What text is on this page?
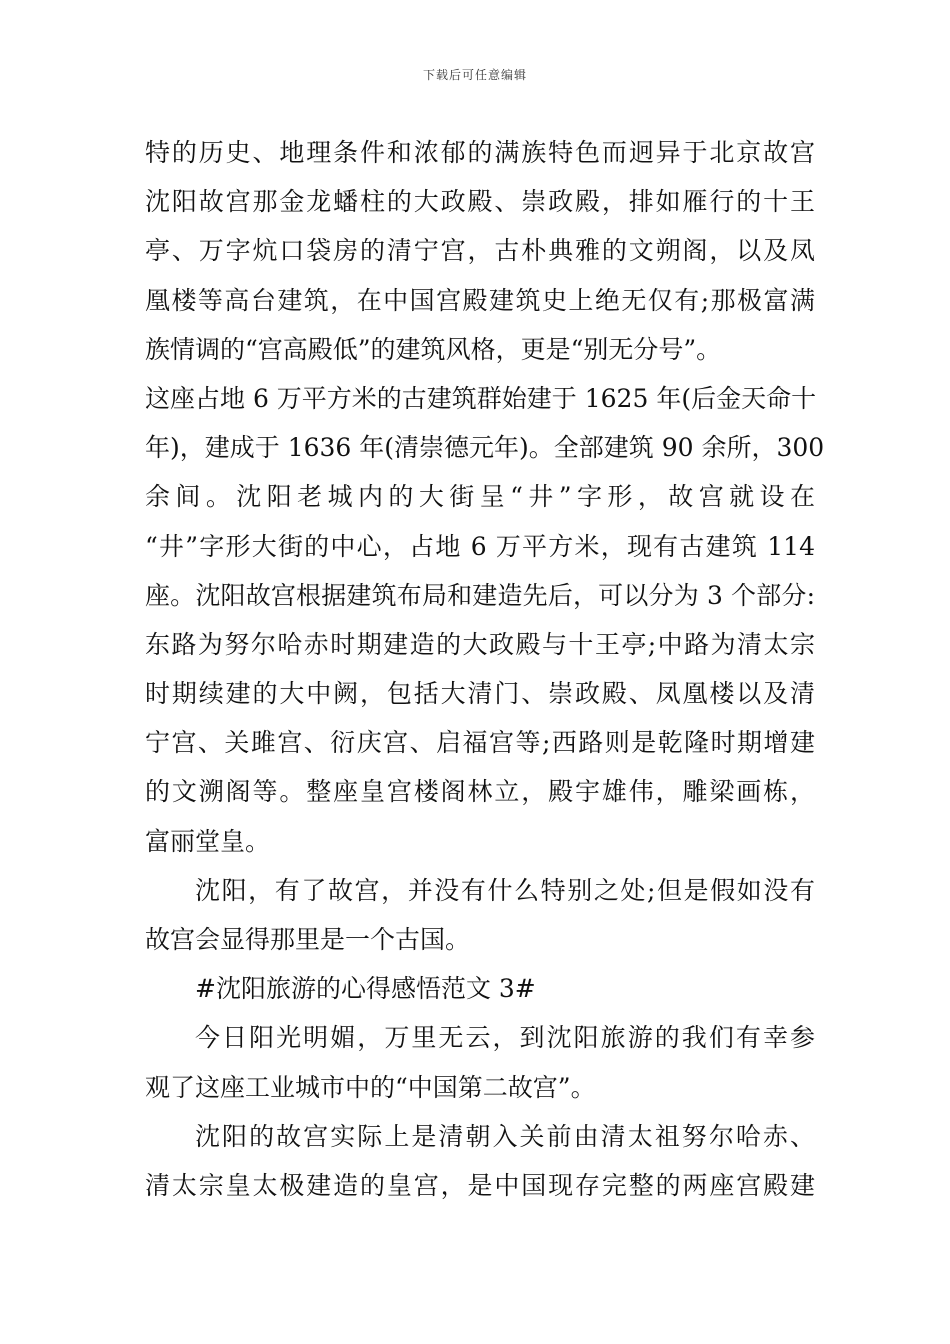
下载后可任意编辑
特的历史、地理条件和浓郁的满族特色而迥异于北京故宫
沈阳故宫那金龙蟠柱的大政殿、崇政殿，排如雁行的十王
亭、万字炕口袋房的清宁宫，古朴典雅的文朔阁，以及凤
凰楼等高台建筑，在中国宫殿建筑史上绝无仅有;那极富满
族情调的“宫高殿低”的建筑风格，更是“别无分号”。
这座占地 6 万平方米的古建筑群始建于 1625 年(后金天命十
年)，建成于 1636 年(清崇德元年)。全部建筑 90 余所，300
余间。沈阳老城内的大街呈“井”字形，故宫就设在
“井”字形大街的中心，占地 6 万平方米，现有古建筑 114
座。沈阳故宫根据建筑布局和建造先后，可以分为 3 个部分:
东路为努尔哈赤时期建造的大政殿与十王亭;中路为清太宗
时期续建的大中阙，包括大清门、崇政殿、凤凰楼以及清
宁宫、关雎宫、衍庆宫、启福宫等;西路则是乾隆时期增建
的文溯阁等。整座皇宫楼阁林立，殿宇雄伟，雕梁画栋，
富丽堂皇。
沈阳，有了故宫，并没有什么特别之处;但是假如没有
故宫会显得那里是一个古国。
#沈阳旅游的心得感悟范文 3#
今日阳光明媚，万里无云，到沈阳旅游的我们有幸参
观了这座工业城市中的“中国第二故宫”。
沈阳的故宫实际上是清朝入关前由清太祖努尔哈赤、
清太宗皇太极建造的皇宫，是中国现存完整的两座宫殿建
